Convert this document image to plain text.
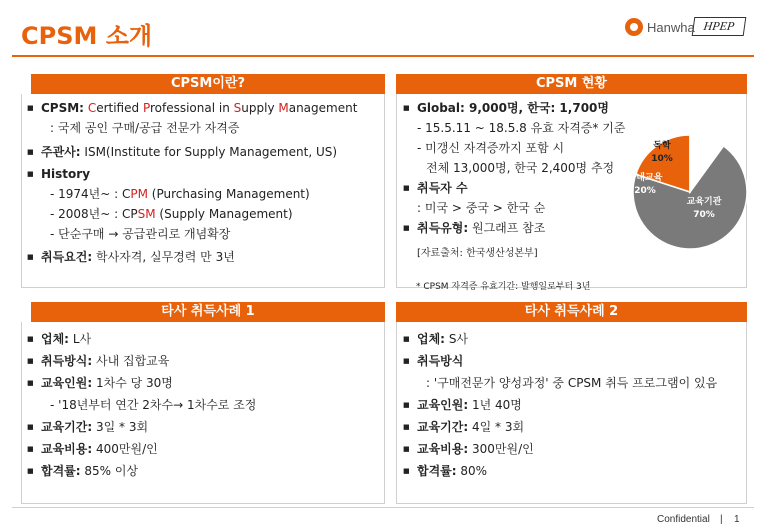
CPSM 소개	Hanwha HPEP
CPSM이란?
■ CPSM: Certified Professional in Supply Management
: 국제 공인 구매/공급 전문가 자격증
■ 주관사: ISM(Institute for Supply Management, US)
■ History
- 1974년~ : CPM (Purchasing Management)
- 2008년~ : CPSM (Supply Management)
- 단순구매 → 공급관리로 개념확장
■ 취득요건: 학사자격, 실무경력 만 3년
CPSM 현황
■ Global: 9,000명, 한국: 1,700명
- 15.5.11 ~ 18.5.8 유효 자격증* 기준
- 미갱신 자격증까지 포함 시
전체 13,000명, 한국 2,400명 추정
■ 취득자 수
: 미국 > 중국 > 한국 순
■ 취득유형: 원그래프 참조
[자료출처: 한국생산성본부]
* CPSM 자격증 유효기간: 발행일로부터 3년
교육기관
70%
사내교육
20%
독학
10%
타사 취득사례 1
■ 업체: L사
■ 취득방식: 사내 집합교육
■ 교육인원: 1차수 당 30명
- '18년부터 연간 2차수→ 1차수로 조정
■ 교육기간: 3일 * 3회
■ 교육비용: 400만원/인
■ 합격률: 85% 이상
타사 취득사례 2
■ 업체: S사
■ 취득방식
: '구매전문가 양성과정' 중 CPSM 취득 프로그램이 있음
■ 교육인원: 1년 40명
■ 교육기간: 4일 * 3회
■ 교육비용: 300만원/인
■ 합격률: 80%
Confidential | 1
